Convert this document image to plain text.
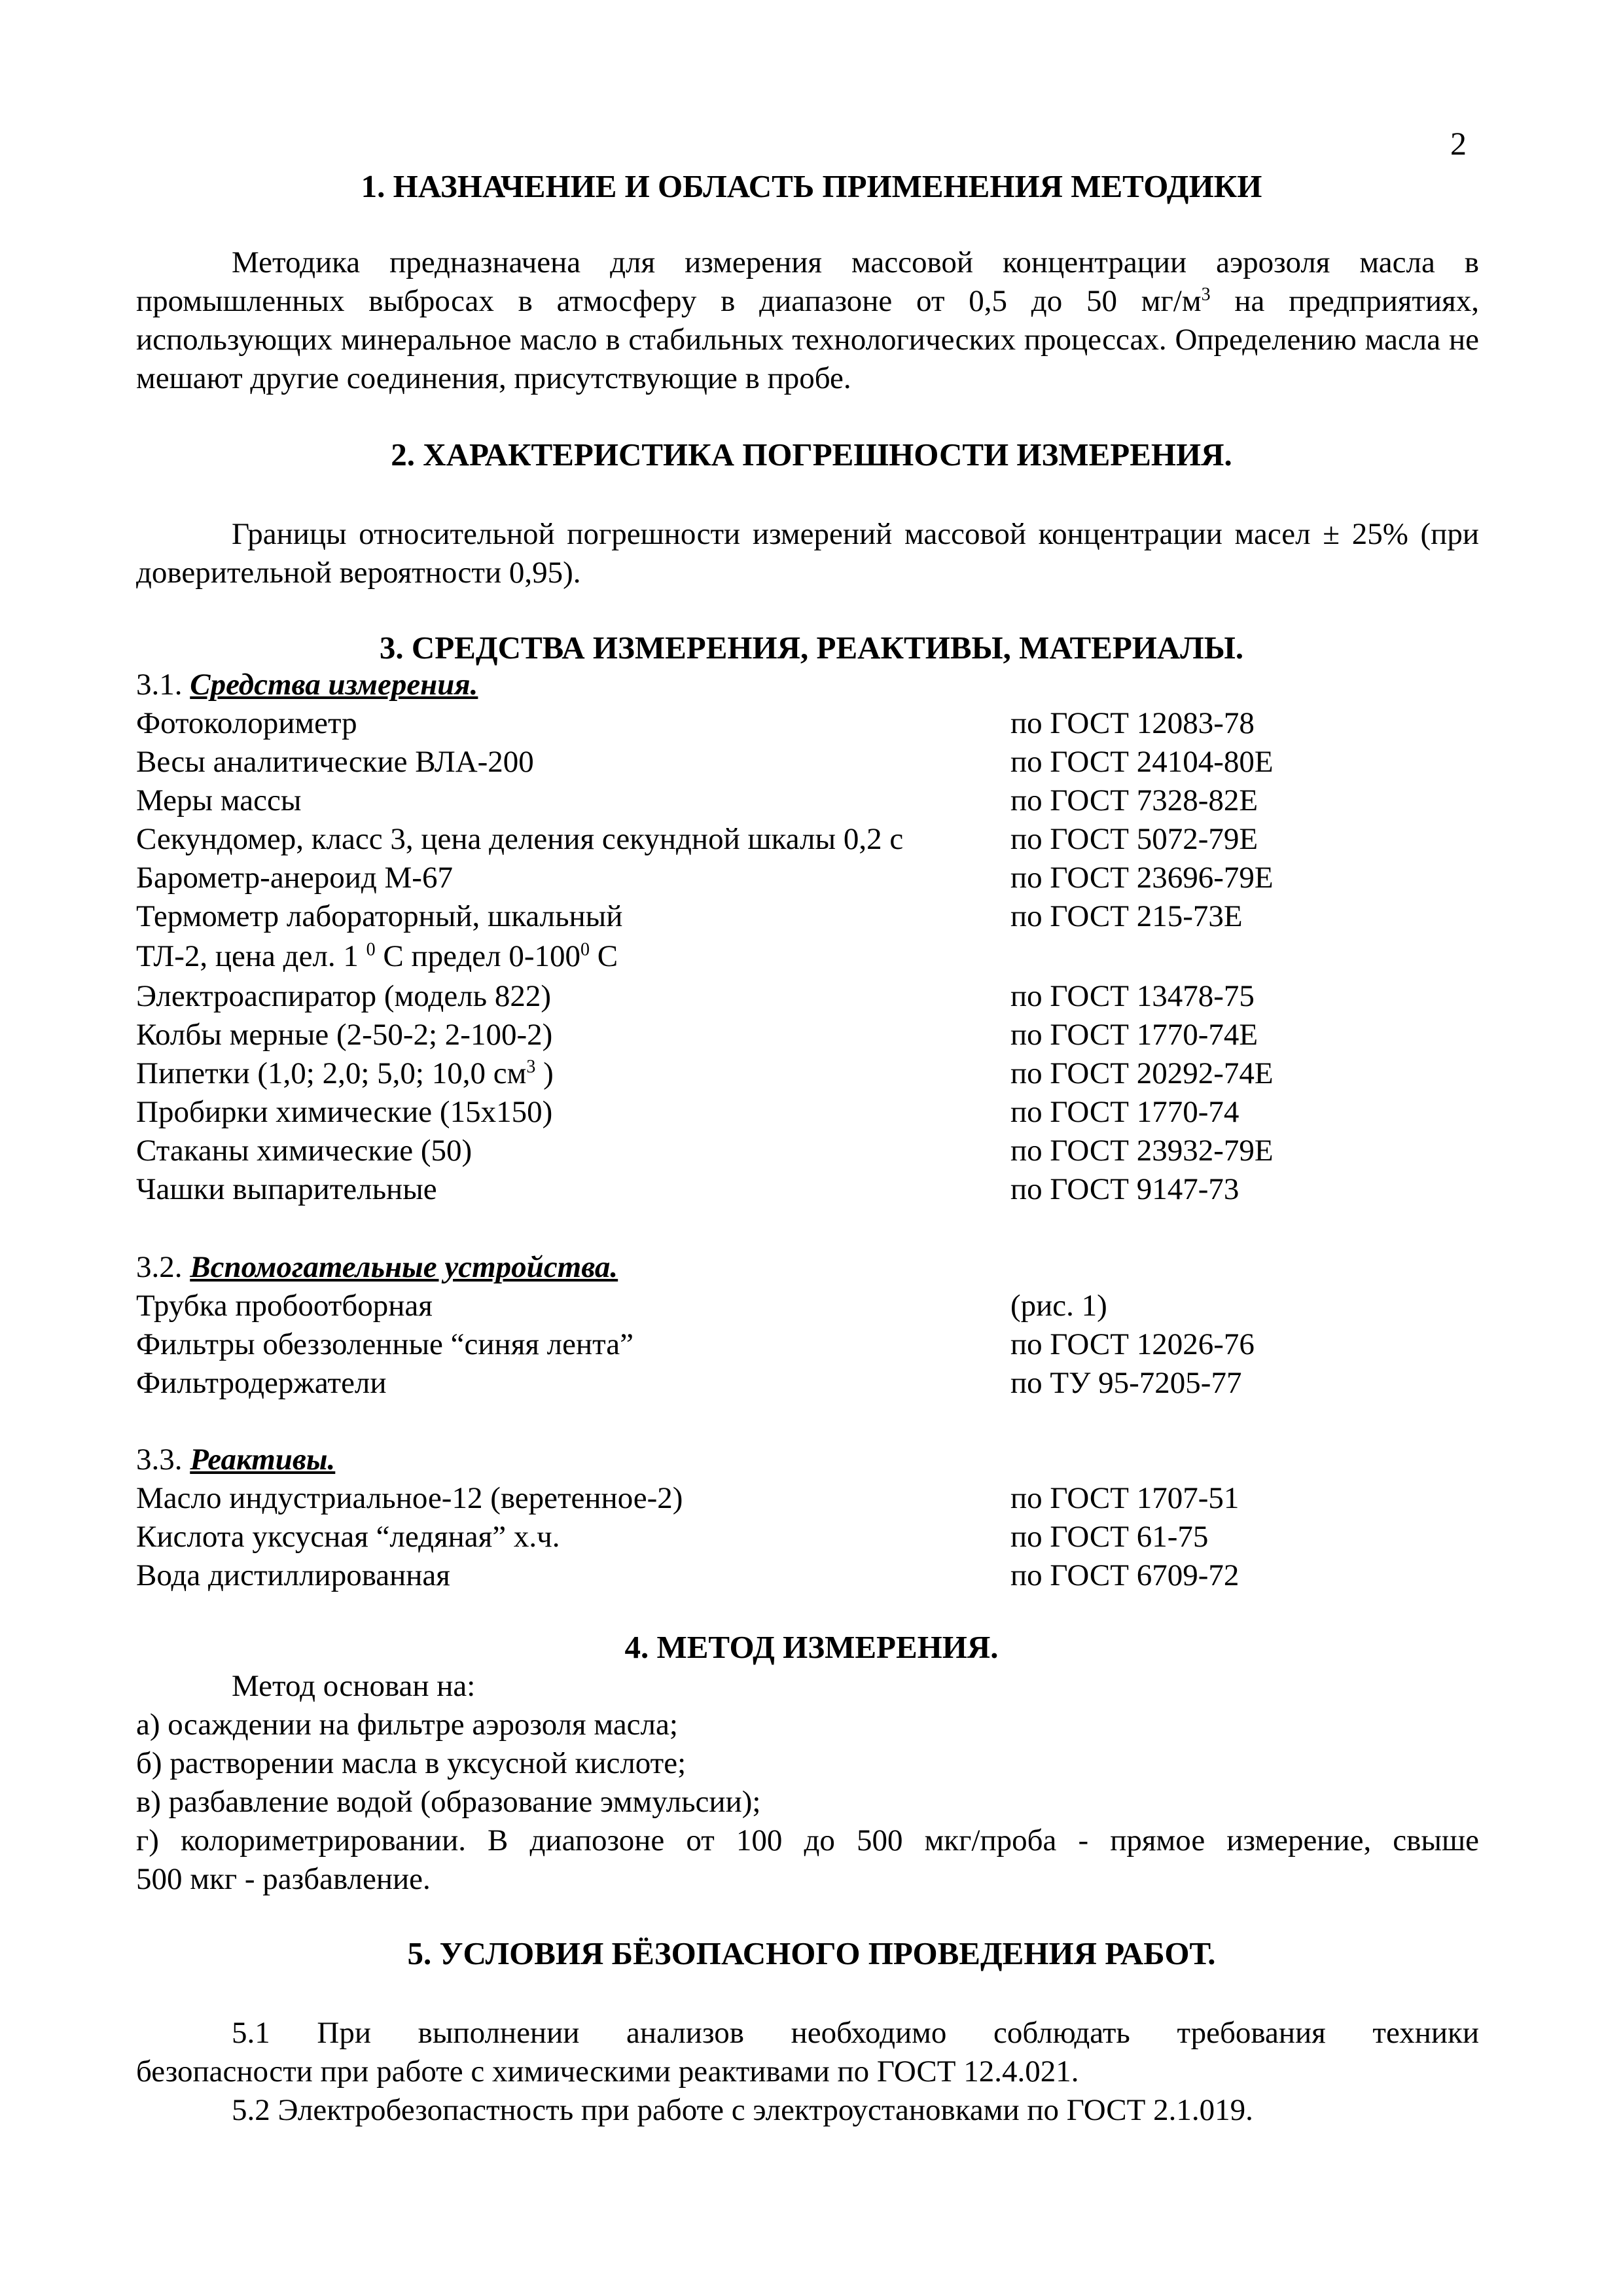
2
1. НАЗНАЧЕНИЕ И ОБЛАСТЬ ПРИМЕНЕНИЯ МЕТОДИКИ

Методика предназначена для измерения массовой концентрации аэрозоля масла в промышленных выбросах в атмосферу в диапазоне от 0,5 до 50 $мг/м^3$ на предприятиях, использующих минеральное масло в стабильных технологических процессах. Определению масла не мешают другие соединения, присутствующие в пробе.

2. ХАРАКТЕРИСТИКА ПОГРЕШНОСТИ ИЗМЕРЕНИЯ.

Границы относительной погрешности измерений массовой концентрации масел ± 25% (при доверительной вероятности 0,95).

3. СРЕДСТВА ИЗМЕРЕНИЯ, РЕАКТИВЫ, МАТЕРИАЛЫ.
3.1. Средства измерения.
Фотоколориметр	по ГОСТ 12083-78
Весы аналитические ВЛА-200	по ГОСТ 24104-80Е
Меры массы	по ГОСТ 7328-82Е
Секундомер, класс 3, цена деления секундной шкалы 0,2 с	по ГОСТ 5072-79Е
Барометр-анероид М-67	по ГОСТ 23696-79Е
Термометр лабораторный, шкальный	по ГОСТ 215-73Е
ТЛ-2, цена дел. 1 $^0$ С предел $0-100^0$ С
Электроаспиратор (модель 822)	по ГОСТ 13478-75
Колбы мерные (2-50-2; 2-100-2)	по ГОСТ 1770-74Е
Пипетки (1,0; 2,0; 5,0; 10,0 $см^3$ )	по ГОСТ 20292-74Е
Пробирки химические (15х150)	по ГОСТ 1770-74
Стаканы химические (50)	по ГОСТ 23932-79Е
Чашки выпарительные	по ГОСТ 9147-73
3.2. Вспомогательные устройства.
Трубка пробоотборная	(рис. 1)
Фильтры обеззоленные “синяя лента”	по ГОСТ 12026-76
Фильтродержатели	по ТУ 95-7205-77
3.3. Реактивы.
Масло индустриальное-12 (веретенное-2)	по ГОСТ 1707-51
Кислота уксусная “ледяная” х.ч.	по ГОСТ 61-75
Вода дистиллированная	по ГОСТ 6709-72
4. МЕТОД ИЗМЕРЕНИЯ.
Метод основан на:
а) осаждении на фильтре аэрозоля масла;
б) растворении масла в уксусной кислоте;
в) разбавление водой (образование эммульсии);
г) колориметрировании. В диапозоне от 100 до 500 мкг/проба - прямое измерение, свыше
500 мкг - разбавление.
5. УСЛОВИЯ БЁЗОПАСНОГО ПРОВЕДЕНИЯ РАБОТ.
5.1 При выполнении анализов необходимо соблюдать требования техники
безопасности при работе с химическими реактивами по ГОСТ 12.4.021.
5.2 Электробезопастность при работе с электроустановками по ГОСТ 2.1.019.
